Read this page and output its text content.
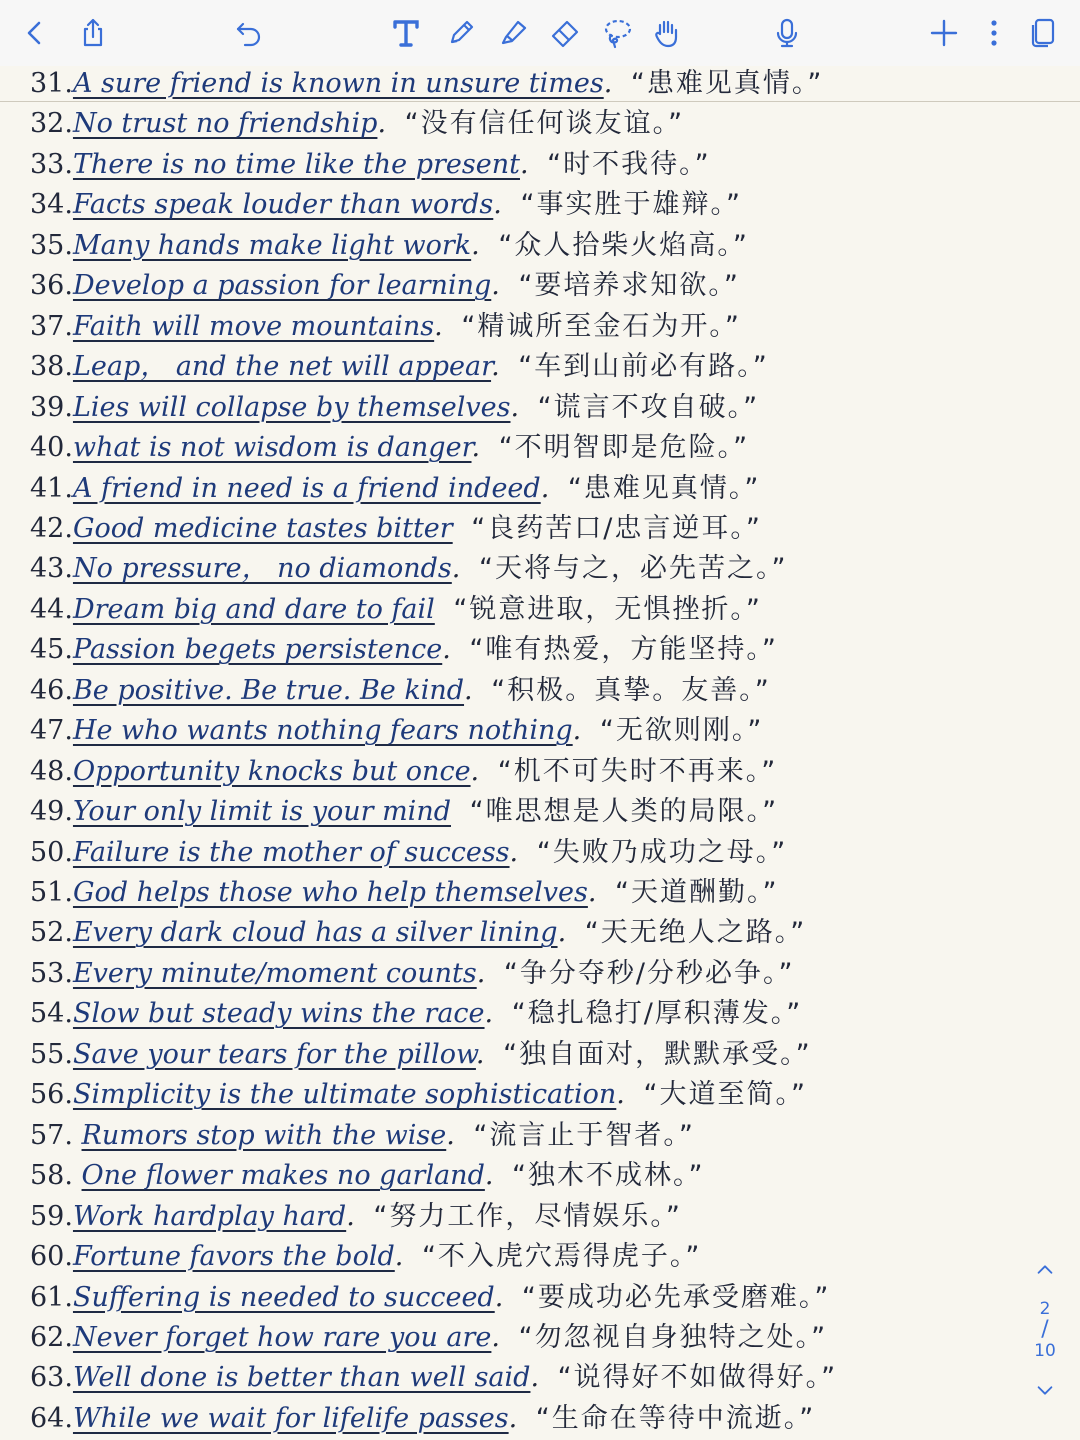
31.A sure friend is known in unsure times. “患难见真情。”
32.No trust no friendship. “没有信任何谈友谊。”
33.There is no time like the present. “时不我待。”
34.Facts speak louder than words. “事实胜于雄辩。”
35.Many hands make light work. “众人拾柴火焰高。”
36.Develop a passion for learning. “要培养求知欲。”
37.Faith will move mountains. “精诚所至金石为开。”
38.Leap， and the net will appear. “车到山前必有路。”
39.Lies will collapse by themselves. “谎言不攻自破。”
40.what is not wisdom is danger. “不明智即是危险。”
41.A friend in need is a friend indeed. “患难见真情。”
42.Good medicine tastes bitter “良药苦口/忠言逆耳。”
43.No pressure， no diamonds. “天将与之，必先苦之。”
44.Dream big and dare to fail “锐意进取，无惧挫折。”
45.Passion begets persistence. “唯有热爱，方能坚持。”
46.Be positive. Be true. Be kind. “积极。真挚。友善。”
47.He who wants nothing fears nothing. “无欲则刚。”
48.Opportunity knocks but once. “机不可失时不再来。”
49.Your only limit is your mind “唯思想是人类的局限。”
50.Failure is the mother of success. “失败乃成功之母。”
51.God helps those who help themselves. “天道酬勤。”
52.Every dark cloud has a silver lining. “天无绝人之路。”
53.Every minute/moment counts. “争分夺秒/分秒必争。”
54.Slow but steady wins the race. “稳扎稳打/厚积薄发。”
55.Save your tears for the pillow. “独自面对，默默承受。”
56.Simplicity is the ultimate sophistication. “大道至简。”
57. Rumors stop with the wise. “流言止于智者。”
58. One flower makes no garland. “独木不成林。”
59.Work hardplay hard. “努力工作，尽情娱乐。”
60.Fortune favors the bold. “不入虎穴焉得虎子。”
61.Suffering is needed to succeed. “要成功必先承受磨难。”
62.Never forget how rare you are. “勿忽视自身独特之处。”
63.Well done is better than well said. “说得好不如做得好。”
64.While we wait for lifelife passes. “生命在等待中流逝。”
2
/
10
